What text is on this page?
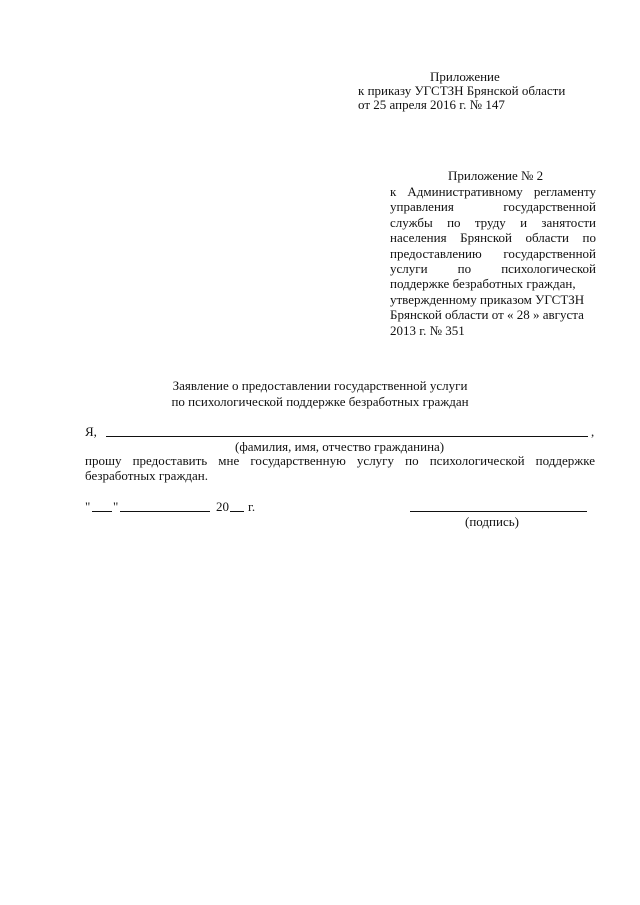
Приложение
к приказу УГСТЗН Брянской области
от 25 апреля 2016 г. № 147
Приложение № 2
к Административному регламенту
управления государственной
службы по труду и занятости
населения Брянской области по
предоставлению государственной
услуги по психологической
поддержке безработных граждан,
утвержденному приказом УГСТЗН
Брянской области от « 28 » августа
2013 г. № 351
Заявление о предоставлении государственной услуги
по психологической поддержке безработных граждан
Я,	,
(фамилия, имя, отчество гражданина)
прошу предоставить мне государственную услугу по психологической поддержке
безработных граждан.
" "	20 г.
(подпись)
